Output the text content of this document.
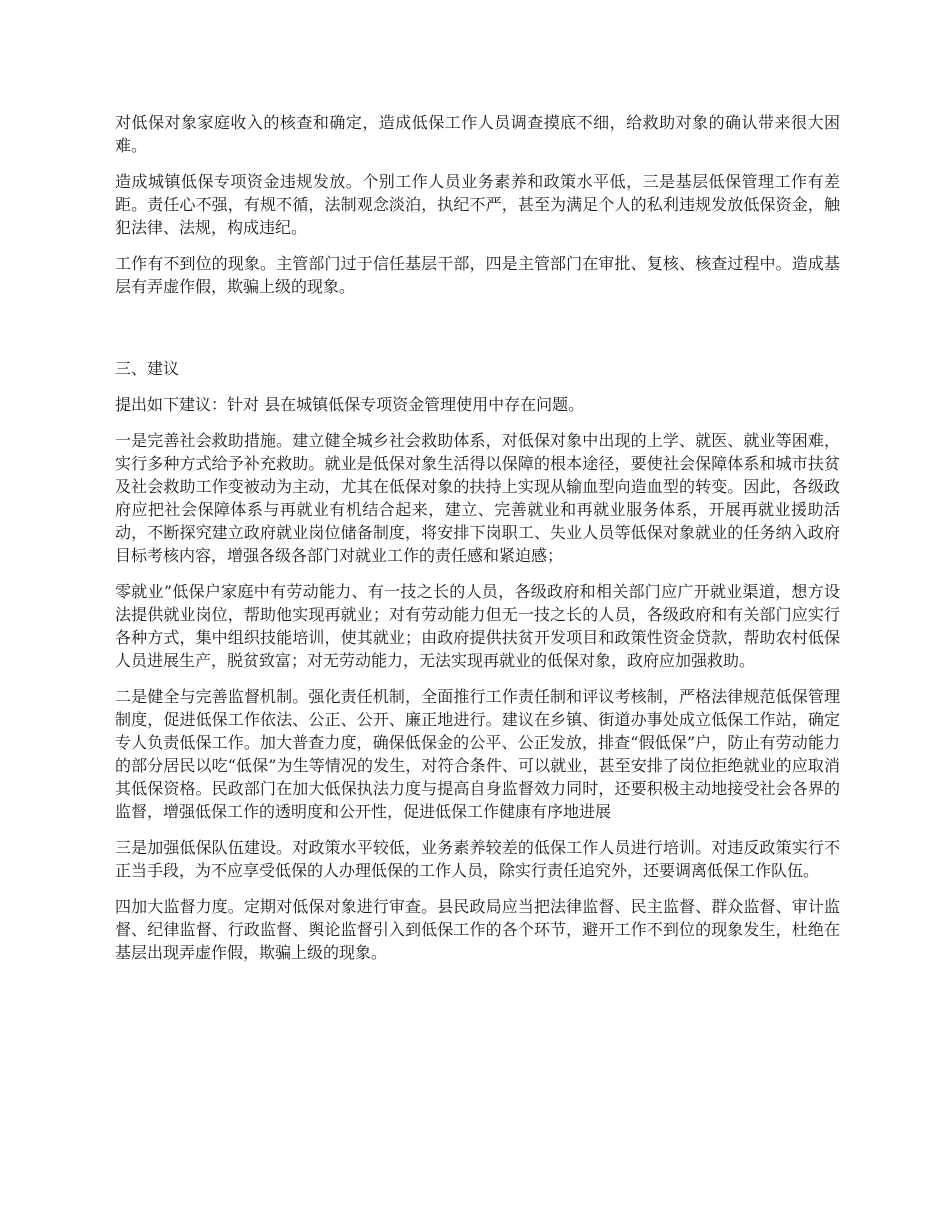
对低保对象家庭收入的核查和确定，造成低保工作人员调查摸底不细，给救助对象的确认带来很大困难。

造成城镇低保专项资金违规发放。个别工作人员业务素养和政策水平低，三是基层低保管理工作有差距。责任心不强，有规不循，法制观念淡泊，执纪不严，甚至为满足个人的私利违规发放低保资金，触犯法律、法规，构成违纪。

工作有不到位的现象。主管部门过于信任基层干部，四是主管部门在审批、复核、核查过程中。造成基层有弄虚作假，欺骗上级的现象。

三、建议

提出如下建议：针对 县在城镇低保专项资金管理使用中存在问题。

一是完善社会救助措施。建立健全城乡社会救助体系，对低保对象中出现的上学、就医、就业等困难，实行多种方式给予补充救助。就业是低保对象生活得以保障的根本途径，要使社会保障体系和城市扶贫及社会救助工作变被动为主动，尤其在低保对象的扶持上实现从输血型向造血型的转变。因此，各级政府应把社会保障体系与再就业有机结合起来，建立、完善就业和再就业服务体系，开展再就业援助活动，不断探究建立政府就业岗位储备制度，将安排下岗职工、失业人员等低保对象就业的任务纳入政府目标考核内容，增强各级各部门对就业工作的责任感和紧迫感；

零就业”低保户家庭中有劳动能力、有一技之长的人员，各级政府和相关部门应广开就业渠道，想方设法提供就业岗位，帮助他实现再就业；对有劳动能力但无一技之长的人员，各级政府和有关部门应实行各种方式，集中组织技能培训，使其就业；由政府提供扶贫开发项目和政策性资金贷款，帮助农村低保人员进展生产，脱贫致富；对无劳动能力，无法实现再就业的低保对象，政府应加强救助。

二是健全与完善监督机制。强化责任机制，全面推行工作责任制和评议考核制，严格法律规范低保管理制度，促进低保工作依法、公正、公开、廉正地进行。建议在乡镇、街道办事处成立低保工作站，确定专人负责低保工作。加大普查力度，确保低保金的公平、公正发放，排查“假低保”户，防止有劳动能力的部分居民以吃“低保”为生等情况的发生，对符合条件、可以就业，甚至安排了岗位拒绝就业的应取消其低保资格。民政部门在加大低保执法力度与提高自身监督效力同时，还要积极主动地接受社会各界的监督，增强低保工作的透明度和公开性，促进低保工作健康有序地进展

三是加强低保队伍建设。对政策水平较低，业务素养较差的低保工作人员进行培训。对违反政策实行不正当手段，为不应享受低保的人办理低保的工作人员，除实行责任追究外，还要调离低保工作队伍。

四加大监督力度。定期对低保对象进行审查。县民政局应当把法律监督、民主监督、群众监督、审计监督、纪律监督、行政监督、舆论监督引入到低保工作的各个环节，避开工作不到位的现象发生，杜绝在基层出现弄虚作假，欺骗上级的现象。
